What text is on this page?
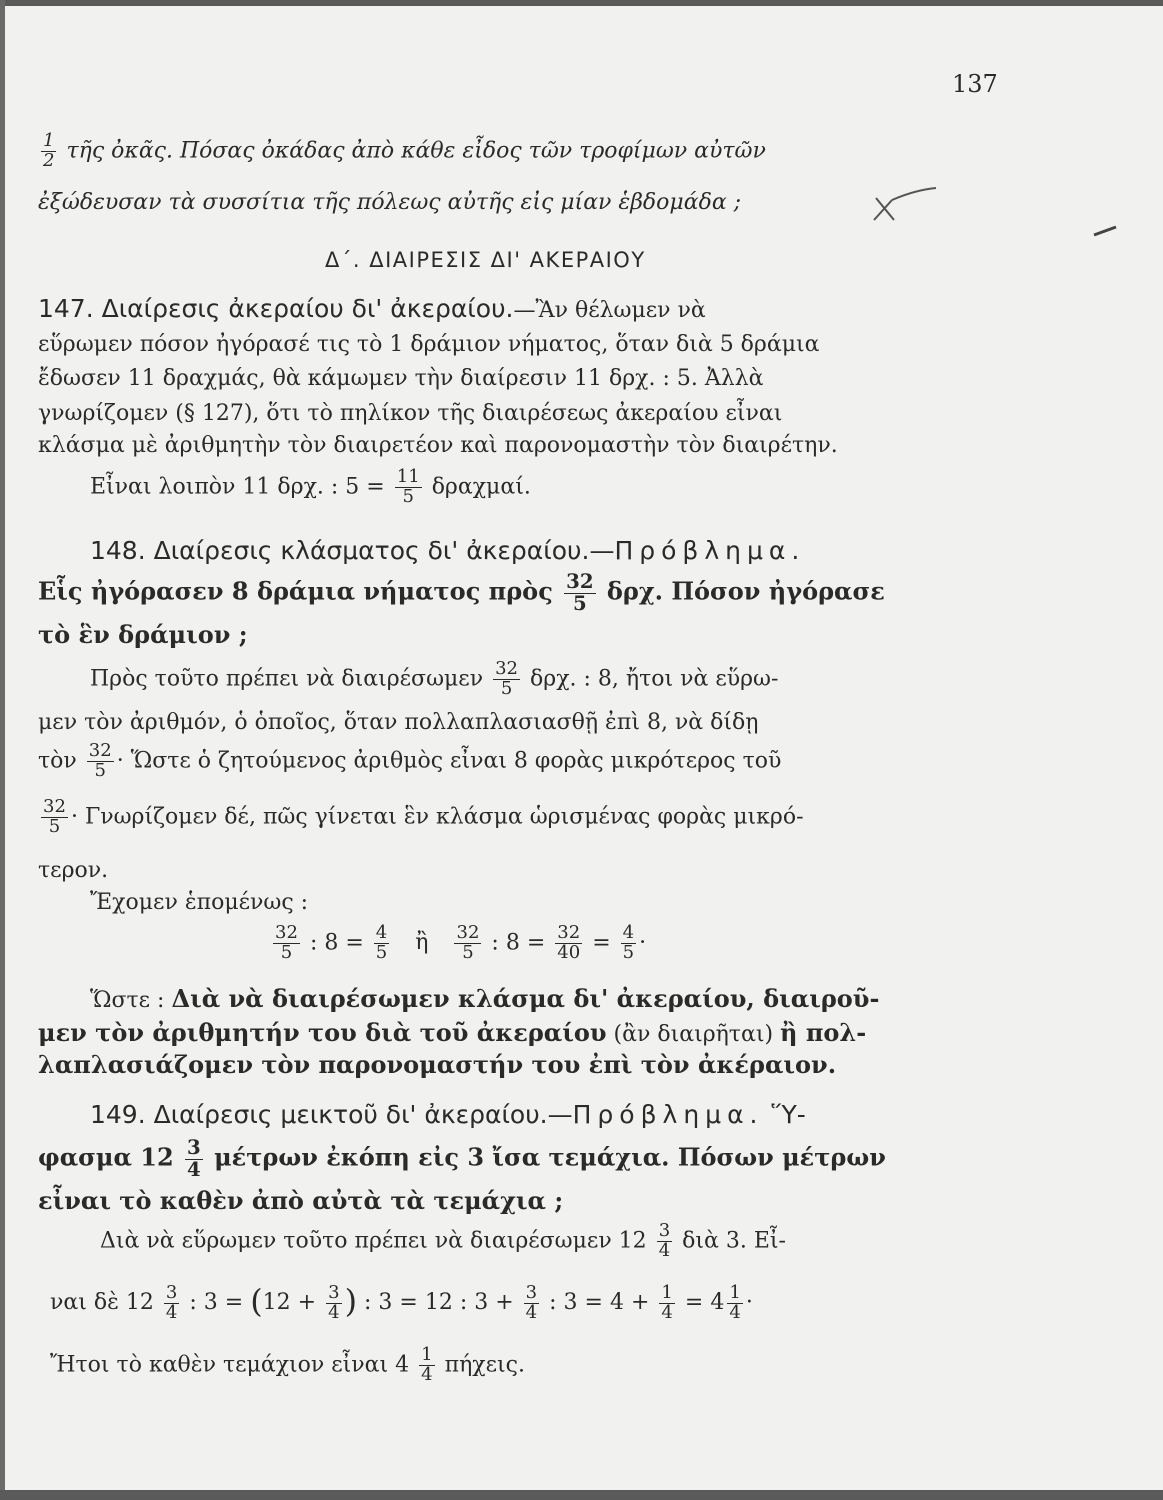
137
$\frac{1}{2}$ τῆς ὀκᾶς. Πόσας ὀκάδας ἀπὸ κάθε εἶδος τῶν τροφίμων αὐτῶν
ἐξώδευσαν τὰ συσσίτια τῆς πόλεως αὐτῆς εἰς μίαν ἑβδομάδα ;
Δ΄. ΔΙΑΙΡΕΣΙΣ ΔΙ' ΑΚΕΡΑΙΟΥ
147. Διαίρεσις ἀκεραίου δι' ἀκεραίου.—Ἂν θέλωμεν νὰ
εὕρωμεν πόσον ἠγόρασέ τις τὸ 1 δράμιον νήματος, ὅταν διὰ 5 δράμια
ἔδωσεν 11 δραχμάς, θὰ κάμωμεν τὴν διαίρεσιν 11 δρχ. : 5. Ἀλλὰ
γνωρίζομεν (§ 127), ὅτι τὸ πηλίκον τῆς διαιρέσεως ἀκεραίου εἶναι
κλάσμα μὲ ἀριθμητὴν τὸν διαιρετέον καὶ παρονομαστὴν τὸν διαιρέτην.
Εἶναι λοιπὸν 11 δρχ. : $5 = \frac{11}{5} \delta\rho\alpha\chi\mu\alpha ί$.
148. Διαίρεσις κλάσματος δι' ἀκεραίου.—Πρόβλημα.
Εἷς ἠγόρασεν 8 δράμια νήματος πρὸς $\frac{32}{5} \delta\rho\chi$. Πόσον ἠγόρασε
τὸ ἓν δράμιον ;
Πρὸς τοῦτο πρέπει νὰ διαιρέσωμεν $\frac{32}{5} \delta\rho\chi$. : 8, ἤτοι νὰ εὕρω-
μεν τὸν ἀριθμόν, ὁ ὁποῖος, ὅταν πολλαπλασιασθῇ ἐπὶ 8, νὰ δίδῃ
τὸν $\frac{32}{5}$ · Ὥστε ὁ ζητούμενος ἀριθμὸς εἶναι 8 φορὰς μικρότερος τοῦ
$\frac{32}{5} \cdot \Gamma\nu\omega\rho ί\zeta o\mu\varepsilon\nu$ δέ, πῶς γίνεται ἓν κλάσμα ὡρισμένας φορὰς μικρό-
τερον.
Ἔχομεν ἑπομένως :
$\frac{32}{5}$ : $8 = \frac{4}{5}$ ἢ $\frac{32}{5}$ : $8 = \frac{32}{40} = \frac{4}{5}$ ·
Ὥστε : Διὰ νὰ διαιρέσωμεν κλάσμα δι' ἀκεραίου, διαιροῦ-
μεν τὸν ἀριθμητήν του διὰ τοῦ ἀκεραίου (ἂν διαιρῆται) ἢ πολ-
λαπλασιάζομεν τὸν παρονομαστήν του ἐπὶ τὸν ἀκέραιον.
149. Διαίρεσις μεικτοῦ δι' ἀκεραίου.—Πρόβλημα. Ὕ-
φασμα $12 \frac{3}{4}$ μέτρων ἐκόπη εἰς 3 ἴσα τεμάχια. Πόσων μέτρων
εἶναι τὸ καθὲν ἀπὸ αὐτὰ τὰ τεμάχια ;
Διὰ νὰ εὕρωμεν τοῦτο πρέπει νὰ διαιρέσωμεν $12 \frac{3}{4}$ διὰ 3. Εἶ-
ναι δὲ $12 \frac{3}{4}$ : $3 = (12 + \frac{3}{4}$ ) : 3 = 12 : $3 + \frac{3}{4}$ : $3 = 4 + \frac{1}{4} = 4 \frac{1}{4}$ ·
Ἤτοι τὸ καθὲν τεμάχιον εἶναι $4 \frac{1}{4} \pi ή\chi\varepsilon\iota\varsigma$.
